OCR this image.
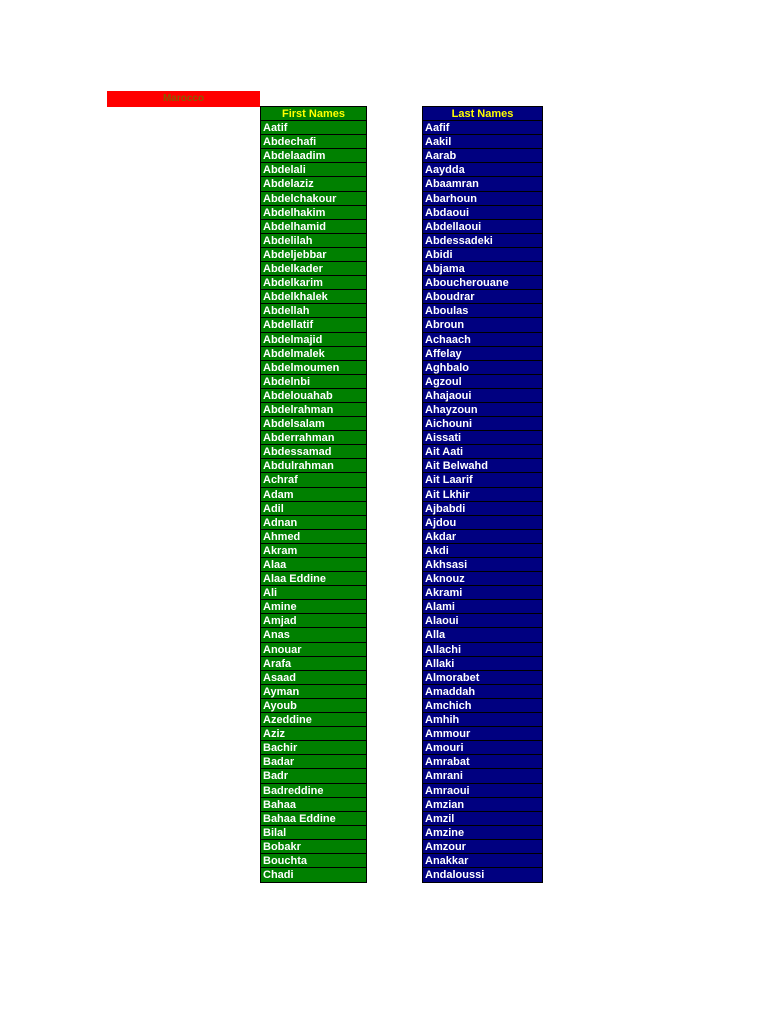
Marocco
First Names
Aatif
Abdechafi
Abdelaadim
Abdelali
Abdelaziz
Abdelchakour
Abdelhakim
Abdelhamid
Abdelilah
Abdeljebbar
Abdelkader
Abdelkarim
Abdelkhalek
Abdellah
Abdellatif
Abdelmajid
Abdelmalek
Abdelmoumen
Abdelnbi
Abdelouahab
Abdelrahman
Abdelsalam
Abderrahman
Abdessamad
Abdulrahman
Achraf
Adam
Adil
Adnan
Ahmed
Akram
Alaa
Alaa Eddine
Ali
Amine
Amjad
Anas
Anouar
Arafa
Asaad
Ayman
Ayoub
Azeddine
Aziz
Bachir
Badar
Badr
Badreddine
Bahaa
Bahaa Eddine
Bilal
Bobakr
Bouchta
Chadi
Last Names
Aafif
Aakil
Aarab
Aaydda
Abaamran
Abarhoun
Abdaoui
Abdellaoui
Abdessadeki
Abidi
Abjama
Aboucherouane
Aboudrar
Aboulas
Abroun
Achaach
Affelay
Aghbalo
Agzoul
Ahajaoui
Ahayzoun
Aichouni
Aissati
Ait Aati
Ait Belwahd
Ait Laarif
Ait Lkhir
Ajbabdi
Ajdou
Akdar
Akdi
Akhsasi
Aknouz
Akrami
Alami
Alaoui
Alla
Allachi
Allaki
Almorabet
Amaddah
Amchich
Amhih
Ammour
Amouri
Amrabat
Amrani
Amraoui
Amzian
Amzil
Amzine
Amzour
Anakkar
Andaloussi
